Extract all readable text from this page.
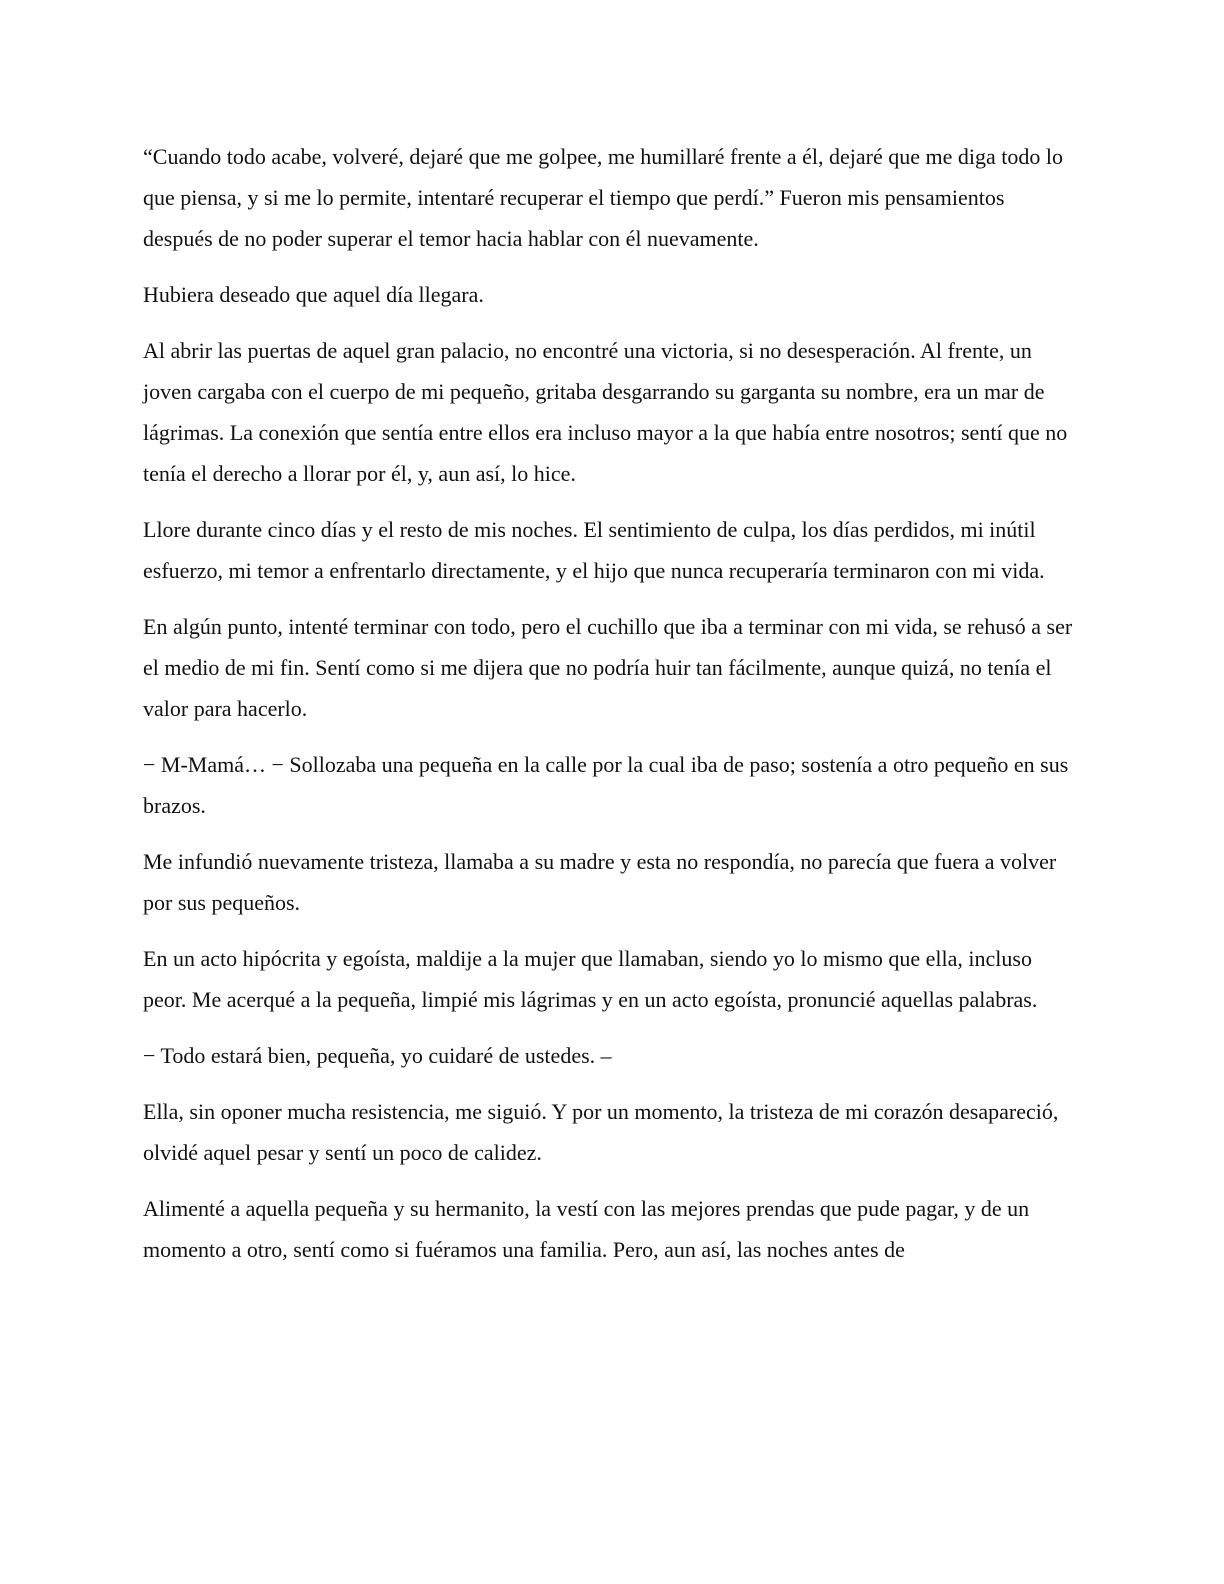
“Cuando todo acabe, volveré, dejaré que me golpee, me humillaré frente a él, dejaré que me diga todo lo que piensa, y si me lo permite, intentaré recuperar el tiempo que perdí.” Fueron mis pensamientos después de no poder superar el temor hacia hablar con él nuevamente.

Hubiera deseado que aquel día llegara.

Al abrir las puertas de aquel gran palacio, no encontré una victoria, si no desesperación. Al frente, un joven cargaba con el cuerpo de mi pequeño, gritaba desgarrando su garganta su nombre, era un mar de lágrimas. La conexión que sentía entre ellos era incluso mayor a la que había entre nosotros; sentí que no tenía el derecho a llorar por él, y, aun así, lo hice.

Llore durante cinco días y el resto de mis noches. El sentimiento de culpa, los días perdidos, mi inútil esfuerzo, mi temor a enfrentarlo directamente, y el hijo que nunca recuperaría terminaron con mi vida.

En algún punto, intenté terminar con todo, pero el cuchillo que iba a terminar con mi vida, se rehusó a ser el medio de mi fin. Sentí como si me dijera que no podría huir tan fácilmente, aunque quizá, no tenía el valor para hacerlo.

− M-Mamá… − Sollozaba una pequeña en la calle por la cual iba de paso; sostenía a otro pequeño en sus brazos.

Me infundió nuevamente tristeza, llamaba a su madre y esta no respondía, no parecía que fuera a volver por sus pequeños.

En un acto hipócrita y egoísta, maldije a la mujer que llamaban, siendo yo lo mismo que ella, incluso peor. Me acerqué a la pequeña, limpié mis lágrimas y en un acto egoísta, pronuncié aquellas palabras.

− Todo estará bien, pequeña, yo cuidaré de ustedes. –

Ella, sin oponer mucha resistencia, me siguió. Y por un momento, la tristeza de mi corazón desapareció, olvidé aquel pesar y sentí un poco de calidez.

Alimenté a aquella pequeña y su hermanito, la vestí con las mejores prendas que pude pagar, y de un momento a otro, sentí como si fuéramos una familia. Pero, aun así, las noches antes de
